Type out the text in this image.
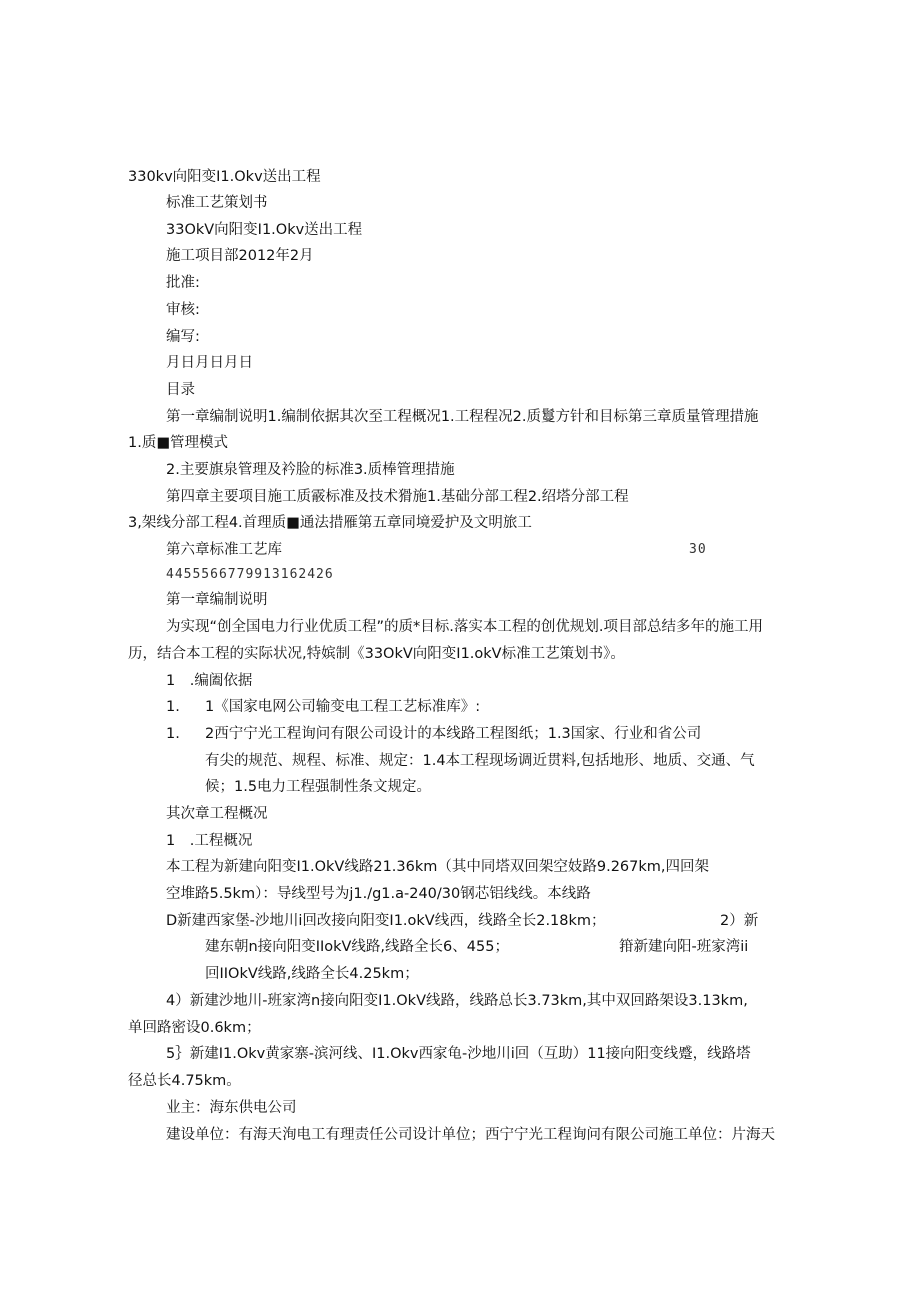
330kv向阳变I1.Okv送出工程
标准工艺策划书
33OkV向阳变I1.Okv送出工程
施工项目部2012年2月
批准:
审核:
编写:
月日月日月日
目录
第一章编制说明1.编制依据其次至工程概况1.工程程况2.质鬘方针和目标第三章质量管理措施
1.质■管理模式
2.主要旗泉管理及衿脸的标准3.质棒管理措施
第四章主要项目施工质霰标准及技术猾施1.基础分部工程2.绍塔分部工程
3,架线分部工程4.首理质■通法措雁第五章同境爱护及文明旅工
第六章标准工艺库	30
4455566779913162426
第一章编制说明
为实现“创全国电力行业优质工程”的质*目标.落实本工程的创优规划.项目部总结多年的施工用
历，结合本工程的实际状况,特嫔制《33OkV向阳变I1.okV标准工艺策划书》。
1　.编阖依据
1. 1《国家电网公司输变电工程工艺标准库》:
1. 2西宁宁光工程询问有限公司设计的本线路工程图纸；1.3国家、行业和省公司
有尖的规范、规程、标准、规定：1.4本工程现场调近贯料,包括地形、地质、交通、气
候；1.5电力工程强制性条文规定。
其次章工程概况
1　.工程概况
本工程为新建向阳变I1.OkV线路21.36km（其中同塔双回架空妓路9.267km,四回架
空堆路5.5km）：导线型号为j1./g1.a-240/30钢芯铝线线。本线路
D新建西家堡-沙地川i回改接向阳变I1.okV线西，线路全长2.18km；	2）新
建东朝n接向阳变IIokV线路,线路全长6、455；	箝新建向阳-班家湾ii
回IIOkV线路,线路全长4.25km；
4）新建沙地川-班家湾n接向阳变I1.OkV线路，线路总长3.73km,其中双回路架设3.13km,
单回路密设0.6km；
5｝新建I1.Okv黄家寨-滨河线、I1.Okv西家龟-沙地川i回（互助）11接向阳变线蹙，线路塔
径总长4.75km。
业主：海东供电公司
建设单位：有海天洵电工有理责任公司设计单位；西宁宁光工程询问有限公司施工单位：片海天
